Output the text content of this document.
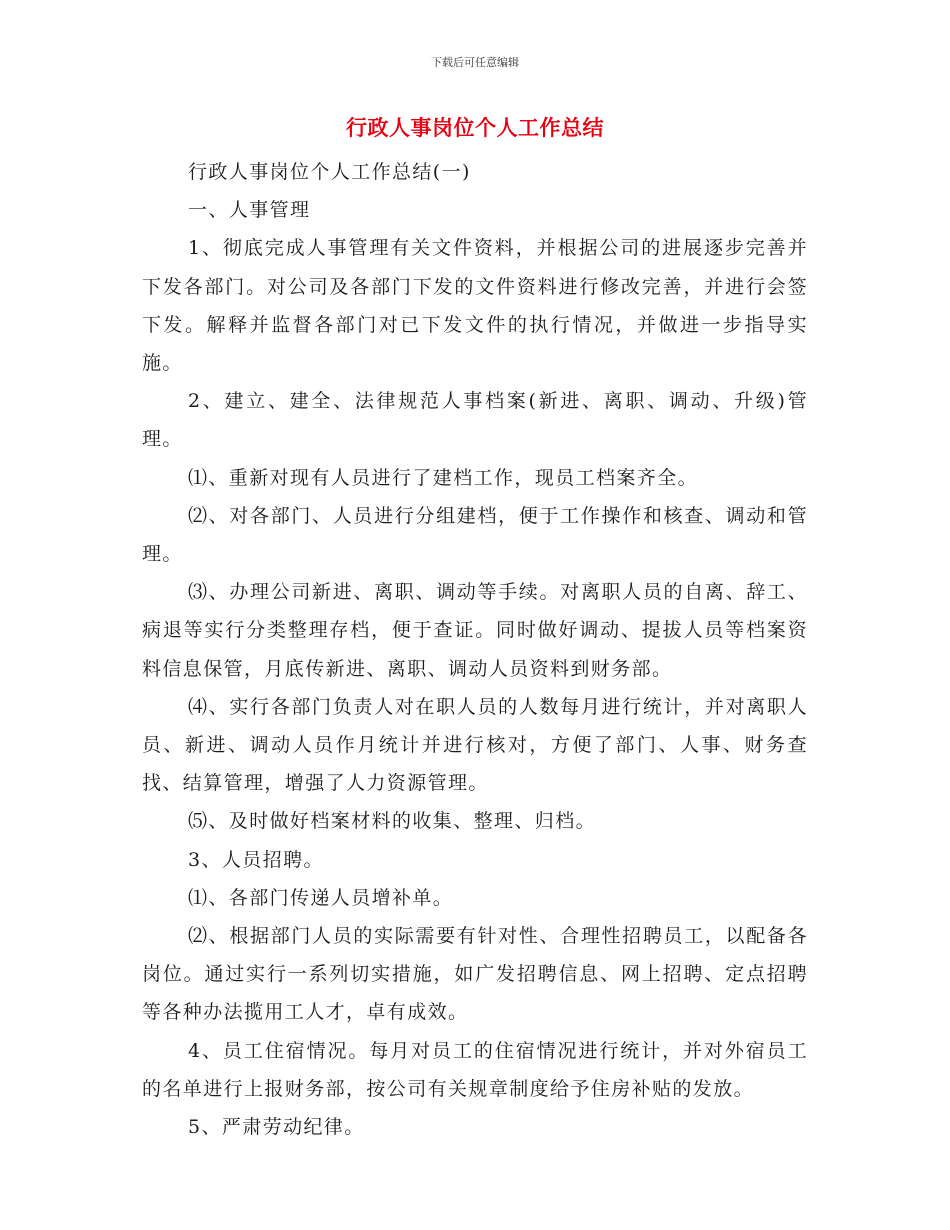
下载后可任意编辑
行政人事岗位个人工作总结

行政人事岗位个人工作总结(一)

一、人事管理

1、彻底完成人事管理有关文件资料，并根据公司的进展逐步完善并下发各部门。对公司及各部门下发的文件资料进行修改完善，并进行会签下发。解释并监督各部门对已下发文件的执行情况，并做进一步指导实施。

2、建立、建全、法律规范人事档案(新进、离职、调动、升级)管理。

⑴、重新对现有人员进行了建档工作，现员工档案齐全。

⑵、对各部门、人员进行分组建档，便于工作操作和核查、调动和管理。

⑶、办理公司新进、离职、调动等手续。对离职人员的自离、辞工、病退等实行分类整理存档，便于查证。同时做好调动、提拔人员等档案资料信息保管，月底传新进、离职、调动人员资料到财务部。

⑷、实行各部门负责人对在职人员的人数每月进行统计，并对离职人员、新进、调动人员作月统计并进行核对，方便了部门、人事、财务查找、结算管理，增强了人力资源管理。

⑸、及时做好档案材料的收集、整理、归档。

3、人员招聘。

⑴、各部门传递人员增补单。

⑵、根据部门人员的实际需要有针对性、合理性招聘员工，以配备各岗位。通过实行一系列切实措施，如广发招聘信息、网上招聘、定点招聘等各种办法揽用工人才，卓有成效。

4、员工住宿情况。每月对员工的住宿情况进行统计，并对外宿员工的名单进行上报财务部，按公司有关规章制度给予住房补贴的发放。

5、严肃劳动纪律。
